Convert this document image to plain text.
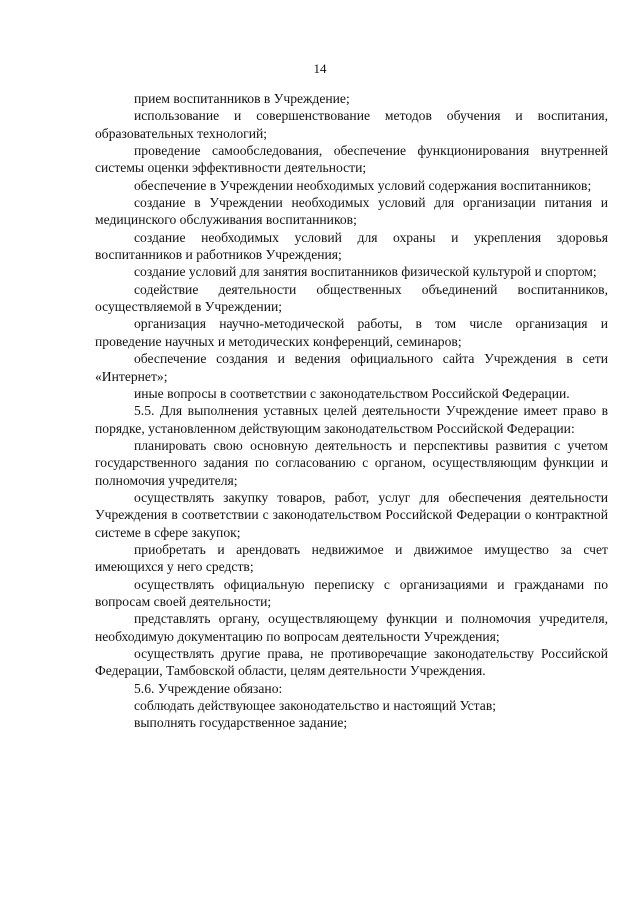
14

прием воспитанников в Учреждение;

использование и совершенствование методов обучения и воспитания, образовательных технологий;

проведение самообследования, обеспечение функционирования внутренней системы оценки эффективности деятельности;

обеспечение в Учреждении необходимых условий содержания воспитанников;

создание в Учреждении необходимых условий для организации питания и медицинского обслуживания воспитанников;

создание необходимых условий для охраны и укрепления здоровья воспитанников и работников Учреждения;

создание условий для занятия воспитанников физической культурой и спортом;

содействие деятельности общественных объединений воспитанников, осуществляемой в Учреждении;

организация научно-методической работы, в том числе организация и проведение научных и методических конференций, семинаров;

обеспечение создания и ведения официального сайта Учреждения в сети «Интернет»;

иные вопросы в соответствии с законодательством Российской Федерации.

5.5. Для выполнения уставных целей деятельности Учреждение имеет право в порядке, установленном действующим законодательством Российской Федерации:

планировать свою основную деятельность и перспективы развития с учетом государственного задания по согласованию с органом, осуществляющим функции и полномочия учредителя;

осуществлять закупку товаров, работ, услуг для обеспечения деятельности Учреждения в соответствии с законодательством Российской Федерации о контрактной системе в сфере закупок;

приобретать и арендовать недвижимое и движимое имущество за счет имеющихся у него средств;

осуществлять официальную переписку с организациями и гражданами по вопросам своей деятельности;

представлять органу, осуществляющему функции и полномочия учредителя, необходимую документацию по вопросам деятельности Учреждения;

осуществлять другие права, не противоречащие законодательству Российской Федерации, Тамбовской области, целям деятельности Учреждения.

5.6. Учреждение обязано:

соблюдать действующее законодательство и настоящий Устав;

выполнять государственное задание;
